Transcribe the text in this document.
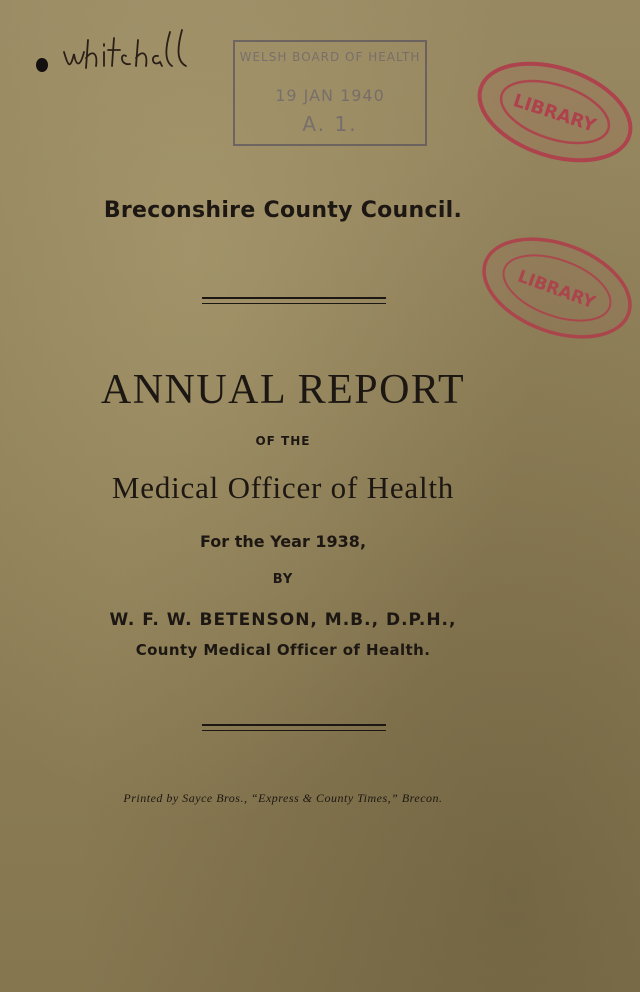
WELSH BOARD OF HEALTH
19 JAN 1940
A. 1.	LIBRARY
LIBRARY
Breconshire County Council.
ANNUAL REPORT
OF THE
Medical Officer of Health
For the Year 1938,
BY
W. F. W. BETENSON, M.B., D.P.H.,
County Medical Officer of Health.
Printed by Sayce Bros., “Express & County Times,” Brecon.
